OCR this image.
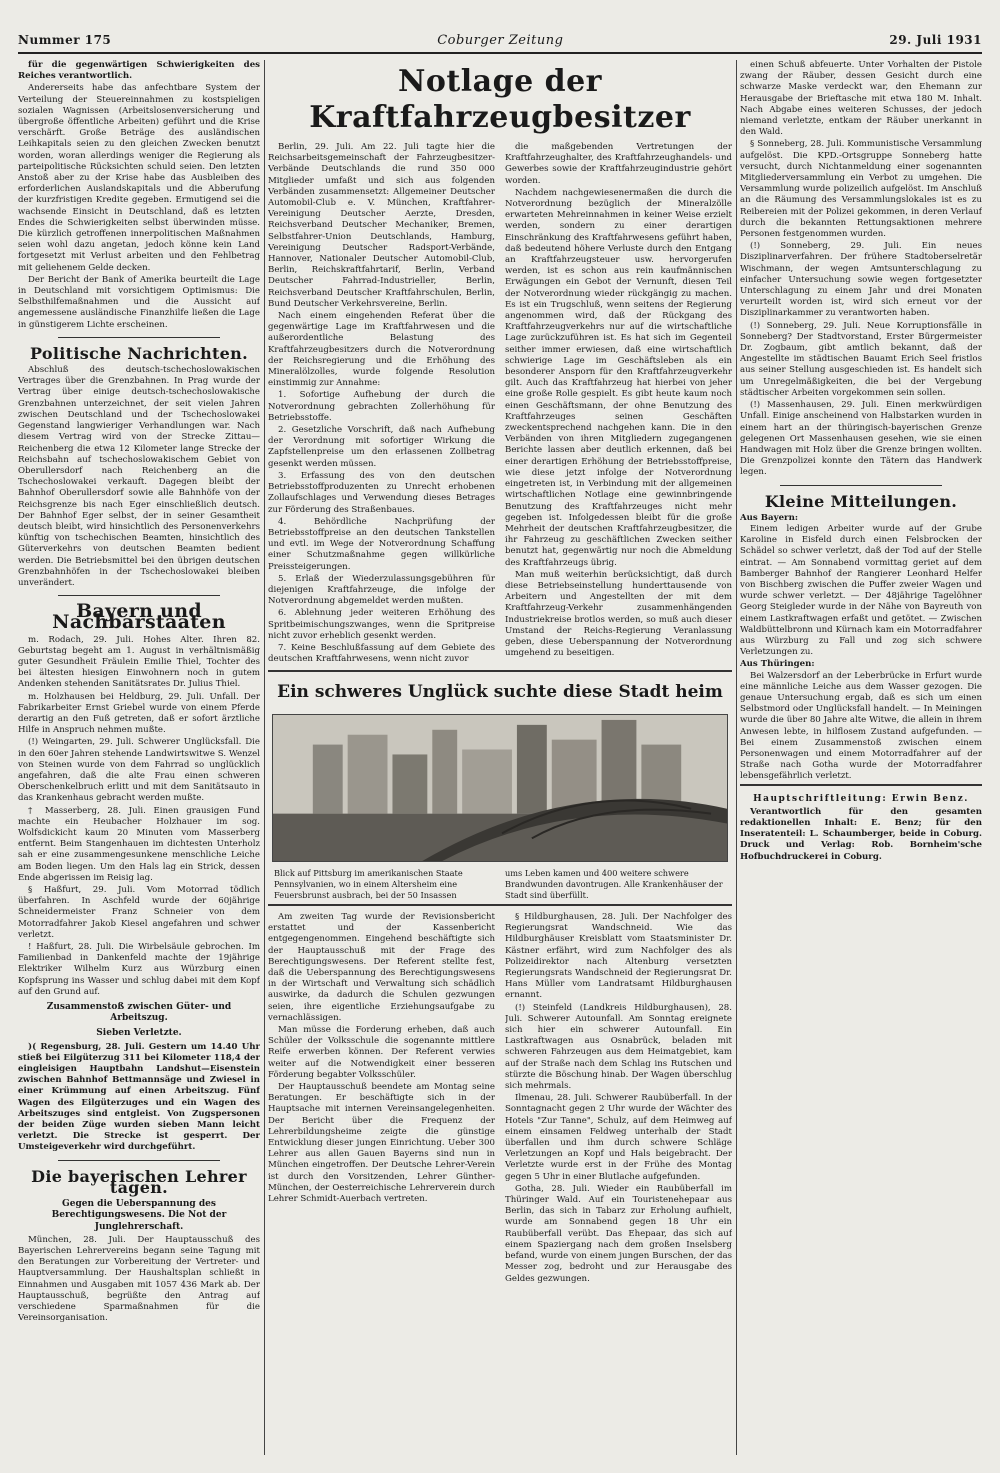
Nummer 175	Coburger Zeitung	29. Juli 1931

für die gegenwärtigen Schwierigkeiten des Reiches verantwortlich.

Andererseits habe das anfechtbare System der Verteilung der Steuereinnahmen zu kostspieligen sozialen Wagnissen (Arbeitslosenversicherung und übergroße öffentliche Arbeiten) geführt und die Krise verschärft. Große Beträge des ausländischen Leihkapitals seien zu den gleichen Zwecken benutzt worden, woran allerdings weniger die Regierung als parteipolitische Rücksichten schuld seien. Den letzten Anstoß aber zu der Krise habe das Ausbleiben des erforderlichen Auslandskapitals und die Abberufung der kurzfristigen Kredite gegeben. Ermutigend sei die wachsende Einsicht in Deutschland, daß es letzten Endes die Schwierigkeiten selbst überwinden müsse. Die kürzlich getroffenen innerpolitischen Maßnahmen seien wohl dazu angetan, jedoch könne kein Land fortgesetzt mit Verlust arbeiten und den Fehlbetrag mit geliehenem Gelde decken.

Der Bericht der Bank of Amerika beurteilt die Lage in Deutschland mit vorsichtigem Optimismus: Die Selbsthilfemaßnahmen und die Aussicht auf angemessene ausländische Finanzhilfe ließen die Lage in günstigerem Lichte erscheinen.

Politische Nachrichten.

Abschluß des deutsch-tschechoslowakischen Vertrages über die Grenzbahnen. In Prag wurde der Vertrag über einige deutsch-tschechoslowakische Grenzbahnen unterzeichnet, der seit vielen Jahren zwischen Deutschland und der Tschechoslowakei Gegenstand langwieriger Verhandlungen war. Nach diesem Vertrag wird von der Strecke Zittau—Reichenberg die etwa 12 Kilometer lange Strecke der Reichsbahn auf tschechoslowakischem Gebiet von Oberullersdorf nach Reichenberg an die Tschechoslowakei verkauft. Dagegen bleibt der Bahnhof Oberullersdorf sowie alle Bahnhöfe von der Reichsgrenze bis nach Eger einschließlich deutsch. Der Bahnhof Eger selbst, der in seiner Gesamtheit deutsch bleibt, wird hinsichtlich des Personenverkehrs künftig von tschechischen Beamten, hinsichtlich des Güterverkehrs von deutschen Beamten bedient werden. Die Betriebsmittel bei den übrigen deutschen Grenzbahnhöfen in der Tschechoslowakei bleiben unverändert.

Bayern und Nachbarstaaten

m. Rodach, 29. Juli. Hohes Alter. Ihren 82. Geburtstag begeht am 1. August in verhältnismäßig guter Gesundheit Fräulein Emilie Thiel, Tochter des bei ältesten hiesigen Einwohnern noch in gutem Andenken stehenden Sanitätsrates Dr. Julius Thiel.

m. Holzhausen bei Heldburg, 29. Juli. Unfall. Der Fabrikarbeiter Ernst Griebel wurde von einem Pferde derartig an den Fuß getreten, daß er sofort ärztliche Hilfe in Anspruch nehmen mußte.

(!) Weingarten, 29. Juli. Schwerer Unglücksfall. Die in den 60er Jahren stehende Landwirtswitwe S. Wenzel von Steinen wurde von dem Fahrrad so unglücklich angefahren, daß die alte Frau einen schweren Oberschenkelbruch erlitt und mit dem Sanitätsauto in das Krankenhaus gebracht werden mußte.

† Masserberg, 28. Juli. Einen grausigen Fund machte ein Heubacher Holzhauer im sog. Wolfsdickicht kaum 20 Minuten vom Masserberg entfernt. Beim Stangenhauen im dichtesten Unterholz sah er eine zusammengesunkene menschliche Leiche am Boden liegen. Um den Hals lag ein Strick, dessen Ende abgerissen im Reisig lag.

§ Haßfurt, 29. Juli. Vom Motorrad tödlich überfahren. In Aschfeld wurde der 60jährige Schneidermeister Franz Schneier von dem Motorradfahrer Jakob Kiesel angefahren und schwer verletzt.

! Haßfurt, 28. Juli. Die Wirbelsäule gebrochen. Im Familienbad in Dankenfeld machte der 19jährige Elektriker Wilhelm Kurz aus Würzburg einen Kopfsprung ins Wasser und schlug dabei mit dem Kopf auf den Grund auf.

Zusammenstoß zwischen Güter- und Arbeitszug.
Sieben Verletzte.

)( Regensburg, 28. Juli. Gestern um 14.40 Uhr stieß bei Eilgüterzug 311 bei Kilometer 118,4 der eingleisigen Hauptbahn Landshut—Eisenstein zwischen Bahnhof Bettmannsäge und Zwiesel in einer Krümmung auf einen Arbeitszug. Fünf Wagen des Eilgüterzuges und ein Wagen des Arbeitszuges sind entgleist. Von Zugspersonen der beiden Züge wurden sieben Mann leicht verletzt. Die Strecke ist gesperrt. Der Umsteigeverkehr wird durchgeführt.

Die bayerischen Lehrer tagen.
Gegen die Ueberspannung des Berechtigungswesens. Die Not der Junglehrerschaft.

München, 28. Juli. Der Hauptausschuß des Bayerischen Lehrervereins begann seine Tagung mit den Beratungen zur Vorbereitung der Vertreter- und Hauptversammlung. Der Haushaltsplan schließt in Einnahmen und Ausgaben mit 1057 436 Mark ab. Der Hauptausschuß, begrüßte den Antrag auf verschiedene Sparmaßnahmen für die Vereinsorganisation.

Notlage der Kraftfahrzeugbesitzer

Berlin, 29. Juli. Am 22. Juli tagte hier die Reichsarbeitsgemeinschaft der Fahrzeugbesitzer-Verbände Deutschlands die rund 350 000 Mitglieder umfaßt und sich aus folgenden Verbänden zusammensetzt: Allgemeiner Deutscher Automobil-Club e. V. München, Kraftfahrer-Vereinigung Deutscher Aerzte, Dresden, Reichsverband Deutscher Mechaniker, Bremen, Selbstfahrer-Union Deutschlands, Hamburg, Vereinigung Deutscher Radsport-Verbände, Hannover, Nationaler Deutscher Automobil-Club, Berlin, Reichskraftfahrtarif, Berlin, Verband Deutscher Fahrrad-Industrieller, Berlin, Reichsverband Deutscher Kraftfahrschulen, Berlin, Bund Deutscher Verkehrsvereine, Berlin.

Nach einem eingehenden Referat über die gegenwärtige Lage im Kraftfahrwesen und die außerordentliche Belastung des Kraftfahrzeugbesitzers durch die Notverordnung der Reichsregierung und die Erhöhung des Mineralölzolles, wurde folgende Resolution einstimmig zur Annahme:

1. Sofortige Aufhebung der durch die Notverordnung gebrachten Zollerhöhung für Betriebsstoffe.

2. Gesetzliche Vorschrift, daß nach Aufhebung der Verordnung mit sofortiger Wirkung die Zapfstellenpreise um den erlassenen Zollbetrag gesenkt werden müssen.

3. Erfassung des von den deutschen Betriebsstoffproduzenten zu Unrecht erhobenen Zollaufschlages und Verwendung dieses Betrages zur Förderung des Straßenbaues.

4. Behördliche Nachprüfung der Betriebsstoffpreise an den deutschen Tankstellen und evtl. im Wege der Notverordnung Schaffung einer Schutzmaßnahme gegen willkürliche Preissteigerungen.

5. Erlaß der Wiederzulassungsgebühren für diejenigen Kraftfahrzeuge, die infolge der Notverordnung abgemeldet werden mußten.

6. Ablehnung jeder weiteren Erhöhung des Spritbeimischungszwanges, wenn die Spritpreise nicht zuvor erheblich gesenkt werden.

7. Keine Beschlußfassung auf dem Gebiete des deutschen Kraftfahrwesens, wenn nicht zuvor

die maßgebenden Vertretungen der Kraftfahrzeughalter, des Kraftfahrzeughandels- und Gewerbes sowie der Kraftfahrzeugindustrie gehört worden.

Nachdem nachgewiesenermaßen die durch die Notverordnung bezüglich der Mineralzölle erwarteten Mehreinnahmen in keiner Weise erzielt werden, sondern zu einer derartigen Einschränkung des Kraftfahrwesens geführt haben, daß bedeutend höhere Verluste durch den Entgang an Kraftfahrzeugsteuer usw. hervorgerufen werden, ist es schon aus rein kaufmännischen Erwägungen ein Gebot der Vernunft, diesen Teil der Notverordnung wieder rückgängig zu machen. Es ist ein Trugschluß, wenn seitens der Regierung angenommen wird, daß der Rückgang des Kraftfahrzeugverkehrs nur auf die wirtschaftliche Lage zurückzuführen ist. Es hat sich im Gegenteil seither immer erwiesen, daß eine wirtschaftlich schwierige Lage im Geschäftsleben als ein besonderer Ansporn für den Kraftfahrzeugverkehr gilt. Auch das Kraftfahrzeug hat hierbei von jeher eine große Rolle gespielt. Es gibt heute kaum noch einen Geschäftsmann, der ohne Benutzung des Kraftfahrzeuges seinen Geschäften zweckentsprechend nachgehen kann. Die in den Verbänden von ihren Mitgliedern zugegangenen Berichte lassen aber deutlich erkennen, daß bei einer derartigen Erhöhung der Betriebsstoffpreise, wie diese jetzt infolge der Notverordnung eingetreten ist, in Verbindung mit der allgemeinen wirtschaftlichen Notlage eine gewinnbringende Benutzung des Kraftfahrzeuges nicht mehr gegeben ist. Infolgedessen bleibt für die große Mehrheit der deutschen Kraftfahrzeugbesitzer, die ihr Fahrzeug zu geschäftlichen Zwecken seither benutzt hat, gegenwärtig nur noch die Abmeldung des Kraftfahrzeugs übrig.

Man muß weiterhin berücksichtigt, daß durch diese Betriebseinstellung hunderttausende von Arbeitern und Angestellten der mit dem Kraftfahrzeug-Verkehr zusammenhängenden Industriekreise brotlos werden, so muß auch dieser Umstand der Reichs-Regierung Veranlassung geben, diese Ueberspannung der Notverordnung umgehend zu beseitigen.

Ein schweres Unglück suchte diese Stadt heim
Blick auf Pittsburg im amerikanischen Staate Pennsylvanien, wo in einem Altersheim eine Feuersbrunst ausbrach, bei der 50 Insassen
ums Leben kamen und 400 weitere schwere Brandwunden davontrugen. Alle Krankenhäuser der Stadt sind überfüllt.

Am zweiten Tag wurde der Revisionsbericht erstattet und der Kassenbericht entgegengenommen. Eingehend beschäftigte sich der Hauptausschuß mit der Frage des Berechtigungswesens. Der Referent stellte fest, daß die Ueberspannung des Berechtigungswesens in der Wirtschaft und Verwaltung sich schädlich auswirke, da dadurch die Schulen gezwungen seien, ihre eigentliche Erziehungsaufgabe zu vernachlässigen.

Man müsse die Forderung erheben, daß auch Schüler der Volksschule die sogenannte mittlere Reife erwerben können. Der Referent verwies weiter auf die Notwendigkeit einer besseren Förderung begabter Volksschüler.

Der Hauptausschuß beendete am Montag seine Beratungen. Er beschäftigte sich in der Hauptsache mit internen Vereinsangelegenheiten. Der Bericht über die Frequenz der Lehrerbildungsheime zeigte die günstige Entwicklung dieser jungen Einrichtung. Ueber 300 Lehrer aus allen Gauen Bayerns sind nun in München eingetroffen. Der Deutsche Lehrer-Verein ist durch den Vorsitzenden, Lehrer Günther-München, der Oesterreichische Lehrerverein durch Lehrer Schmidt-Auerbach vertreten.

§ Hildburghausen, 28. Juli. Der Nachfolger des Regierungsrat Wandschneid. Wie das Hildburghäuser Kreisblatt vom Staatsminister Dr. Kästner erfährt, wird zum Nachfolger des als Polizeidirektor nach Altenburg versetzten Regierungsrats Wandschneid der Regierungsrat Dr. Hans Müller vom Landratsamt Hildburghausen ernannt.

(!) Steinfeld (Landkreis Hildburghausen), 28. Juli. Schwerer Autounfall. Am Sonntag ereignete sich hier ein schwerer Autounfall. Ein Lastkraftwagen aus Osnabrück, beladen mit schweren Fahrzeugen aus dem Heimatgebiet, kam auf der Straße nach dem Schlag ins Rutschen und stürzte die Böschung hinab. Der Wagen überschlug sich mehrmals.

Ilmenau, 28. Juli. Schwerer Raubüberfall. In der Sonntagnacht gegen 2 Uhr wurde der Wächter des Hotels "Zur Tanne", Schulz, auf dem Heimweg auf einem einsamen Feldweg unterhalb der Stadt überfallen und ihm durch schwere Schläge Verletzungen an Kopf und Hals beigebracht. Der Verletzte wurde erst in der Frühe des Montag gegen 5 Uhr in einer Blutlache aufgefunden.

Gotha, 28. Juli. Wieder ein Raubüberfall im Thüringer Wald. Auf ein Touristenehepaar aus Berlin, das sich in Tabarz zur Erholung aufhielt, wurde am Sonnabend gegen 18 Uhr ein Raubüberfall verübt. Das Ehepaar, das sich auf einem Spaziergang nach dem großen Inselsberg befand, wurde von einem jungen Burschen, der das Messer zog, bedroht und zur Herausgabe des Geldes gezwungen.

einen Schuß abfeuerte. Unter Vorhalten der Pistole zwang der Räuber, dessen Gesicht durch eine schwarze Maske verdeckt war, den Ehemann zur Herausgabe der Brieftasche mit etwa 180 M. Inhalt. Nach Abgabe eines weiteren Schusses, der jedoch niemand verletzte, entkam der Räuber unerkannt in den Wald.

§ Sonneberg, 28. Juli. Kommunistische Versammlung aufgelöst. Die KPD.-Ortsgruppe Sonneberg hatte versucht, durch Nichtanmeldung einer sogenannten Mitgliederversammlung ein Verbot zu umgehen. Die Versammlung wurde polizeilich aufgelöst. Im Anschluß an die Räumung des Versammlungslokales ist es zu Reibereien mit der Polizei gekommen, in deren Verlauf durch die bekannten Rettungsaktionen mehrere Personen festgenommen wurden.

(!) Sonneberg, 29. Juli. Ein neues Disziplinarverfahren. Der frühere Stadtoberselretär Wischmann, der wegen Amtsunterschlagung zu einfacher Untersuchung sowie wegen fortgesetzter Unterschlagung zu einem Jahr und drei Monaten verurteilt worden ist, wird sich erneut vor der Disziplinarkammer zu verantworten haben.

(!) Sonneberg, 29. Juli. Neue Korruptionsfälle in Sonneberg? Der Stadtvorstand, Erster Bürgermeister Dr. Zogbaum, gibt amtlich bekannt, daß der Angestellte im städtischen Bauamt Erich Seel fristlos aus seiner Stellung ausgeschieden ist. Es handelt sich um Unregelmäßigkeiten, die bei der Vergebung städtischer Arbeiten vorgekommen sein sollen.

(!) Massenhausen, 29. Juli. Einen merkwürdigen Unfall. Einige anscheinend von Halbstarken wurden in einem hart an der thüringisch-bayerischen Grenze gelegenen Ort Massenhausen gesehen, wie sie einen Handwagen mit Holz über die Grenze bringen wollten. Die Grenzpolizei konnte den Tätern das Handwerk legen.

Kleine Mitteilungen.
Aus Bayern:

Einem ledigen Arbeiter wurde auf der Grube Karoline in Eisfeld durch einen Felsbrocken der Schädel so schwer verletzt, daß der Tod auf der Stelle eintrat. — Am Sonnabend vormittag geriet auf dem Bamberger Bahnhof der Rangierer Leonhard Helfer von Bischberg zwischen die Puffer zweier Wagen und wurde schwer verletzt. — Der 48jährige Tagelöhner Georg Steigleder wurde in der Nähe von Bayreuth von einem Lastkraftwagen erfaßt und getötet. — Zwischen Waldbüttelbronn und Kürnach kam ein Motorradfahrer aus Würzburg zu Fall und zog sich schwere Verletzungen zu.

Aus Thüringen:

Bei Walzersdorf an der Leberbrücke in Erfurt wurde eine männliche Leiche aus dem Wasser gezogen. Die genaue Untersuchung ergab, daß es sich um einen Selbstmord oder Unglücksfall handelt. — In Meiningen wurde die über 80 Jahre alte Witwe, die allein in ihrem Anwesen lebte, in hilflosem Zustand aufgefunden. — Bei einem Zusammenstoß zwischen einem Personenwagen und einem Motorradfahrer auf der Straße nach Gotha wurde der Motorradfahrer lebensgefährlich verletzt.

Hauptschriftleitung: Erwin Benz.

Verantwortlich für den gesamten redaktionellen Inhalt: E. Benz; für den Inseratenteil: L. Schaumberger, beide in Coburg. Druck und Verlag: Rob. Bornheim'sche Hofbuchdruckerei in Coburg.
